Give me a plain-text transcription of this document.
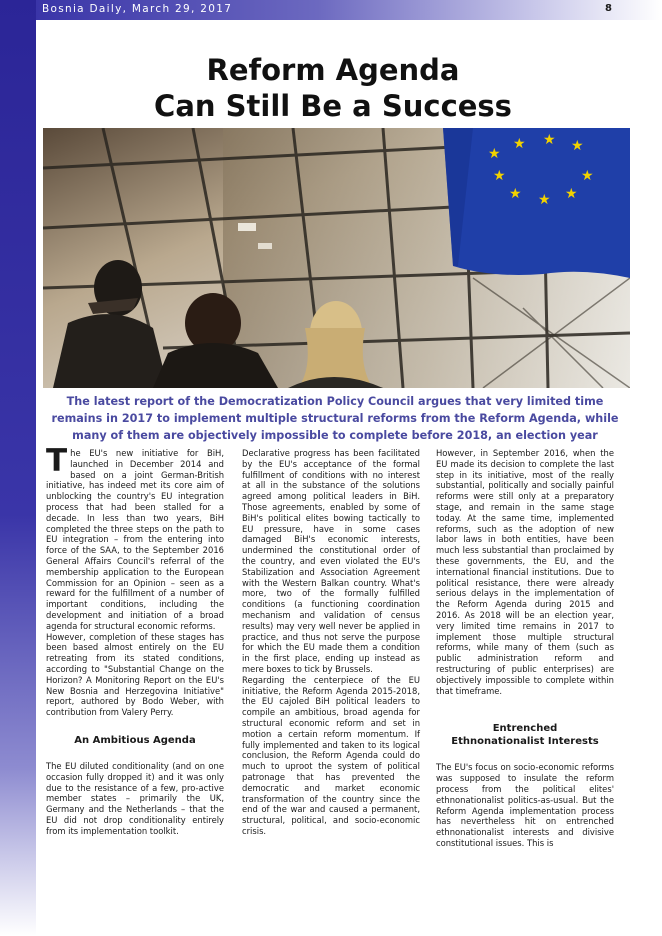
Bosnia Daily, March 29, 2017	8
Reform Agenda
Can Still Be a Success
★
★ ★ ★
★
★ ★ ★
★
The latest report of the Democratization Policy Council argues that very limited time remains in 2017 to implement multiple structural reforms from the Reform Agenda, while many of them are objectively impossible to complete before 2018, an election year

The EU's new initiative for BiH, launched in December 2014 and based on a joint German-British initiative, has indeed met its core aim of unblocking the country's EU integration process that had been stalled for a decade. In less than two years, BiH completed the three steps on the path to EU integration – from the entering into force of the SAA, to the September 2016 General Affairs Council's referral of the membership application to the European Commission for an Opinion – seen as a reward for the fulfillment of a number of important conditions, including the development and initiation of a broad agenda for structural economic reforms.

However, completion of these stages has been based almost entirely on the EU retreating from its stated conditions, according to "Substantial Change on the Horizon? A Monitoring Report on the EU's New Bosnia and Herzegovina Initiative" report, authored by Bodo Weber, with contribution from Valery Perry.

An Ambitious Agenda

The EU diluted conditionality (and on one occasion fully dropped it) and it was only due to the resistance of a few, pro-active member states – primarily the UK, Germany and the Netherlands – that the EU did not drop conditionality entirely from its implementation toolkit.

Declarative progress has been facilitated by the EU's acceptance of the formal fulfillment of conditions with no interest at all in the substance of the solutions agreed among political leaders in BiH. Those agreements, enabled by some of BiH's political elites bowing tactically to EU pressure, have in some cases damaged BiH's economic interests, undermined the constitutional order of the country, and even violated the EU's Stabilization and Association Agreement with the Western Balkan country. What's more, two of the formally fulfilled conditions (a functioning coordination mechanism and validation of census results) may very well never be applied in practice, and thus not serve the purpose for which the EU made them a condition in the first place, ending up instead as mere boxes to tick by Brussels.

Regarding the centerpiece of the EU initiative, the Reform Agenda 2015-2018, the EU cajoled BiH political leaders to compile an ambitious, broad agenda for structural economic reform and set in motion a certain reform momentum. If fully implemented and taken to its logical conclusion, the Reform Agenda could do much to uproot the system of political patronage that has prevented the democratic and market economic transformation of the country since the end of the war and caused a permanent, structural, political, and socio-economic crisis.

However, in September 2016, when the EU made its decision to complete the last step in its initiative, most of the really substantial, politically and socially painful reforms were still only at a preparatory stage, and remain in the same stage today. At the same time, implemented reforms, such as the adoption of new labor laws in both entities, have been much less substantial than proclaimed by these governments, the EU, and the international financial institutions. Due to political resistance, there were already serious delays in the implementation of the Reform Agenda during 2015 and 2016. As 2018 will be an election year, very limited time remains in 2017 to implement those multiple structural reforms, while many of them (such as public administration reform and restructuring of public enterprises) are objectively impossible to complete within that timeframe.

Entrenched
Ethnonationalist Interests

The EU's focus on socio-economic reforms was supposed to insulate the reform process from the political elites' ethnonationalist politics-as-usual. But the Reform Agenda implementation process has nevertheless hit on entrenched ethnonationalist interests and divisive constitutional issues. This is
